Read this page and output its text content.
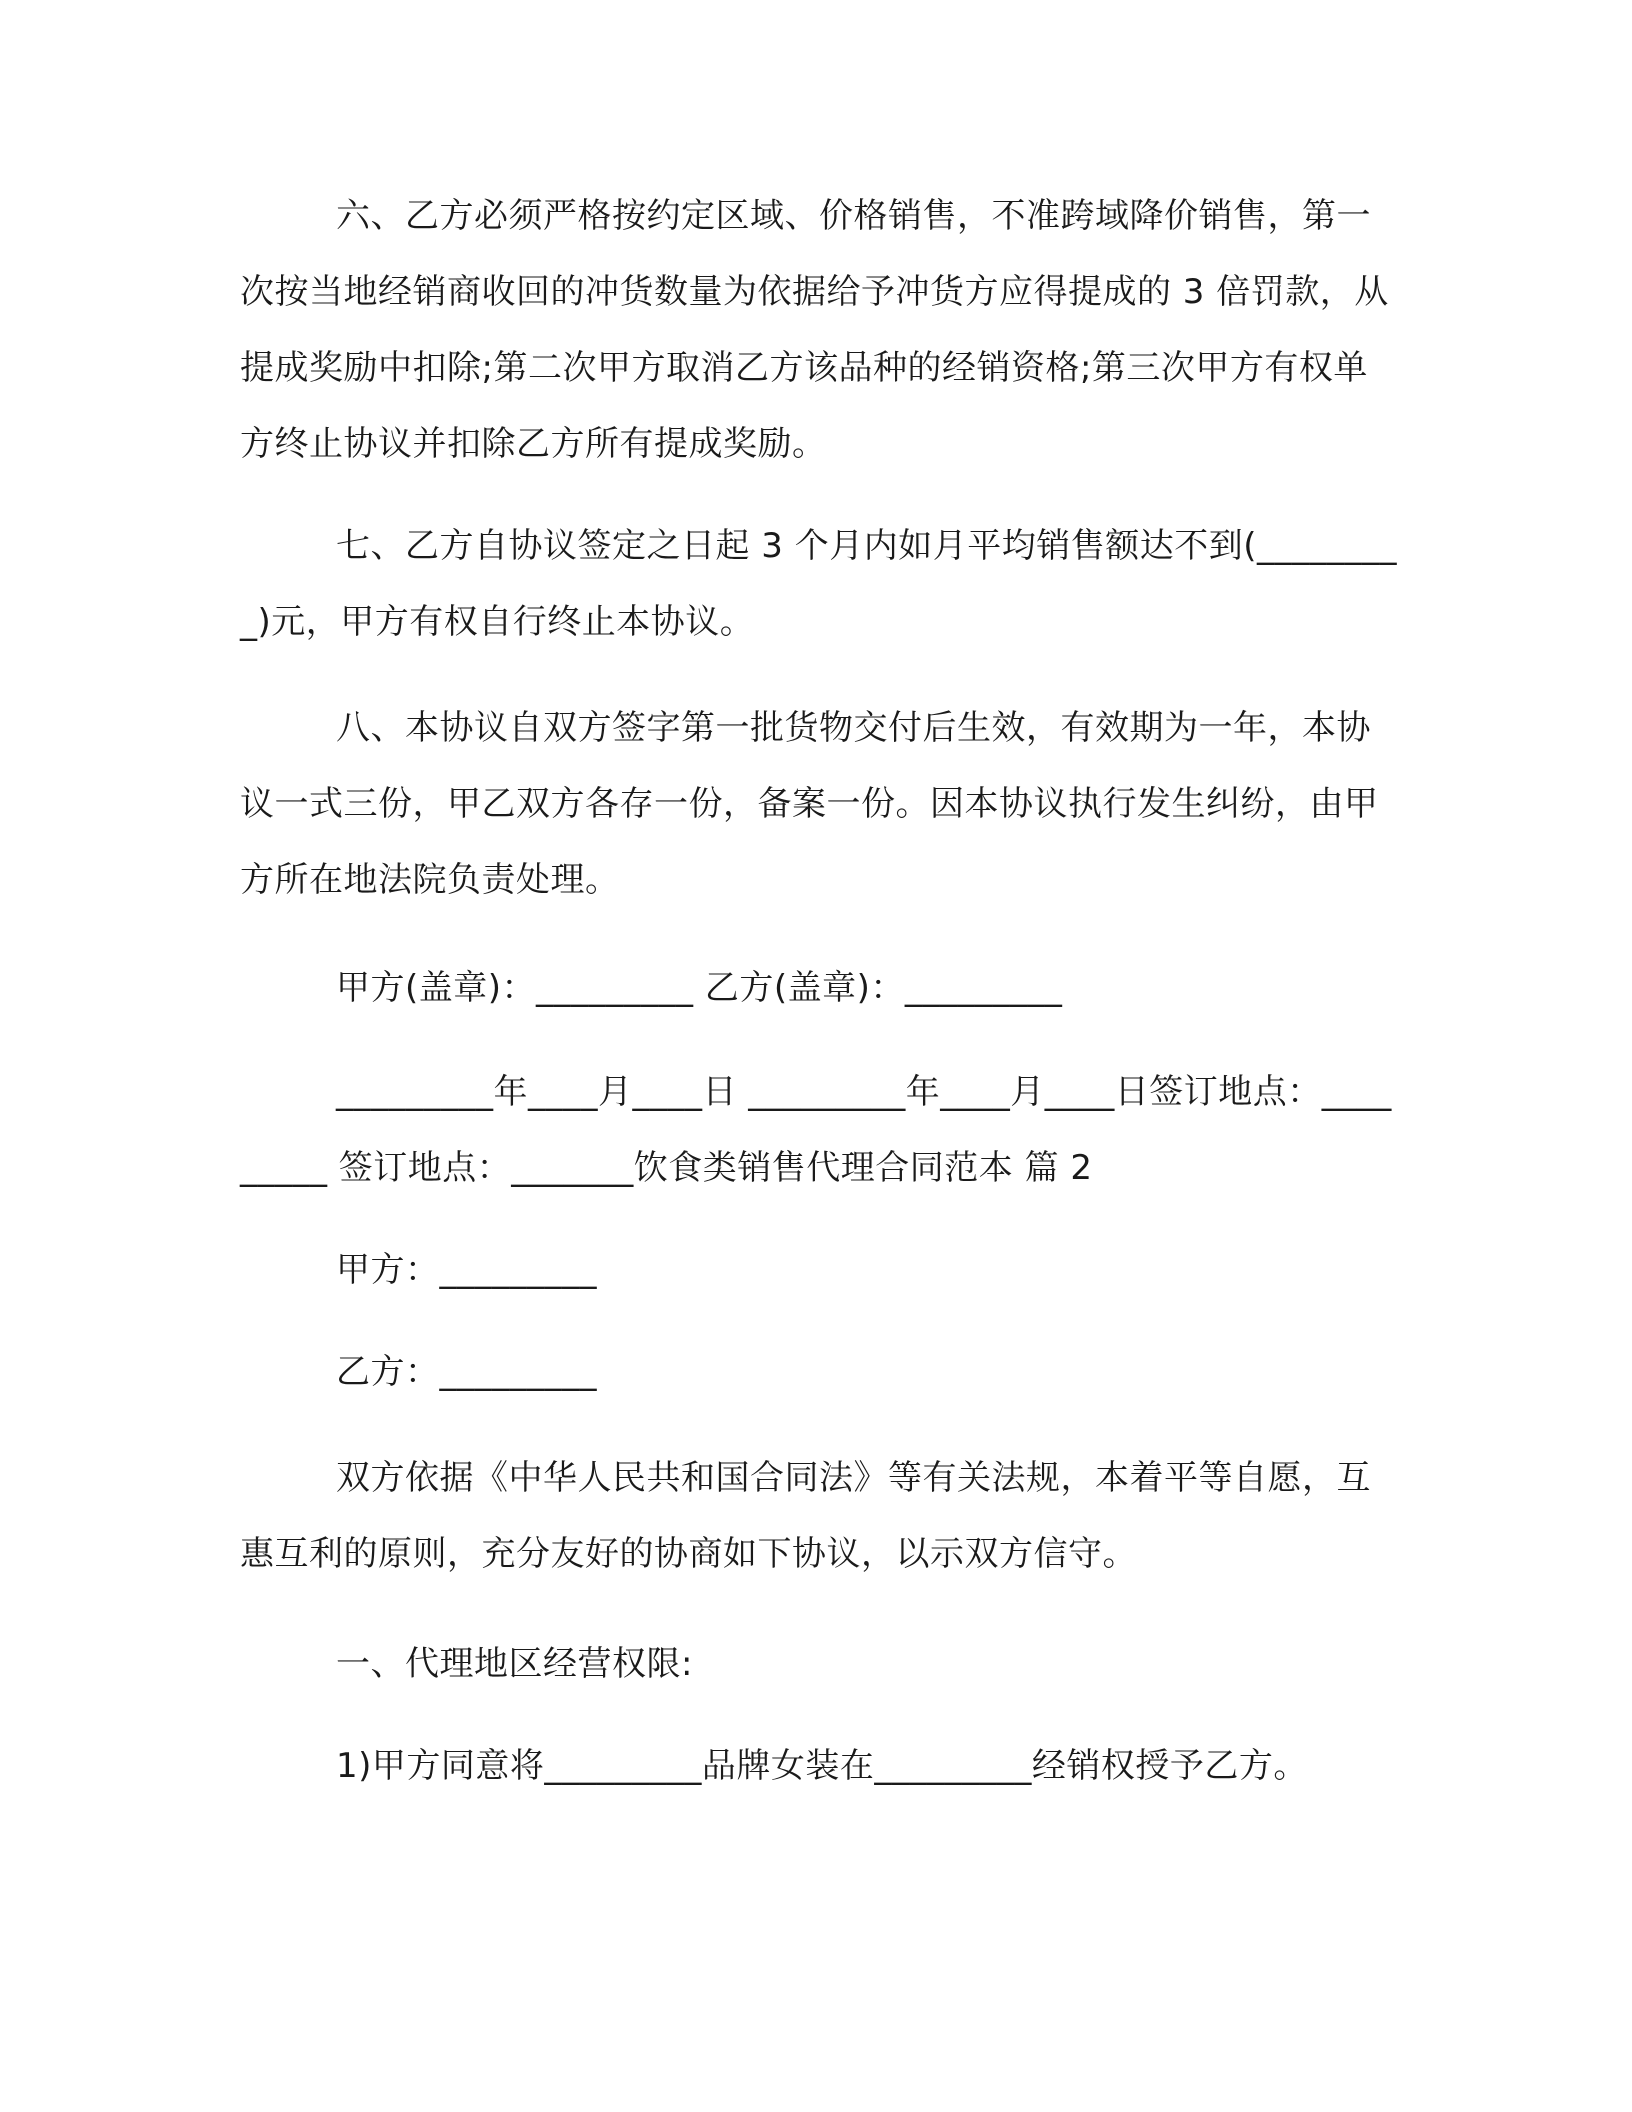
六、乙方必须严格按约定区域、价格销售，不准跨域降价销售，第一次按当地经销商收回的冲货数量为依据给予冲货方应得提成的 3 倍罚款，从提成奖励中扣除;第二次甲方取消乙方该品种的经销资格;第三次甲方有权单方终止协议并扣除乙方所有提成奖励。

七、乙方自协议签定之日起 3 个月内如月平均销售额达不到(_________)元，甲方有权自行终止本协议。

八、本协议自双方签字第一批货物交付后生效，有效期为一年，本协议一式三份，甲乙双方各存一份，备案一份。因本协议执行发生纠纷，由甲方所在地法院负责处理。

甲方(盖章)：_________ 乙方(盖章)：_________

_________年____月____日 _________年____月____日签订地点：_________ 签订地点：_______饮食类销售代理合同范本 篇 2

甲方：_________

乙方：_________

双方依据《中华人民共和国合同法》等有关法规，本着平等自愿，互惠互利的原则，充分友好的协商如下协议，以示双方信守。

一、代理地区经营权限:

1)甲方同意将_________品牌女装在_________经销权授予乙方。
